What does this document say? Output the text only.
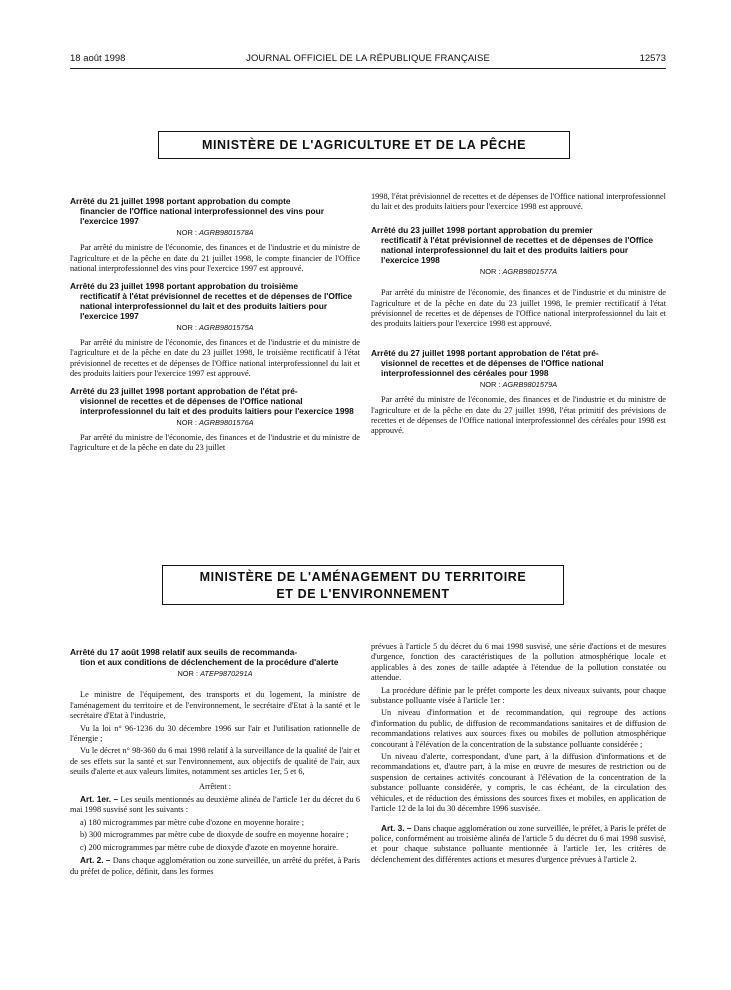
18 août 1998	JOURNAL OFFICIEL DE LA RÉPUBLIQUE FRANÇAISE	12573
MINISTÈRE DE L'AGRICULTURE ET DE LA PÊCHE

Arrêté du 21 juillet 1998 portant approbation du compte
financier de l'Office national interprofessionnel des vins pour l'exercice 1997

NOR : AGRB9801578A

Par arrêté du ministre de l'économie, des finances et de l'industrie et du ministre de l'agriculture et de la pêche en date du 21 juillet 1998, le compte financier de l'Office national interprofessionnel des vins pour l'exercice 1997 est approuvé.

Arrêté du 23 juillet 1998 portant approbation du troisième
rectificatif à l'état prévisionnel de recettes et de dépenses de l'Office national interprofessionnel du lait et des produits laitiers pour l'exercice 1997

NOR : AGRB9801575A

Par arrêté du ministre de l'économie, des finances et de l'industrie et du ministre de l'agriculture et de la pêche en date du 23 juillet 1998, le troisième rectificatif à l'état prévisionnel de recettes et de dépenses de l'Office national interprofessionnel du lait et des produits laitiers pour l'exercice 1997 est approuvé.

Arrêté du 23 juillet 1998 portant approbation de l'état pré-
visionnel de recettes et de dépenses de l'Office national interprofessionnel du lait et des produits laitiers pour l'exercice 1998

NOR : AGRB9801576A

Par arrêté du ministre de l'économie, des finances et de l'industrie et du ministre de l'agriculture et de la pêche en date du 23 juillet

1998, l'état prévisionnel de recettes et de dépenses de l'Office national interprofessionnel du lait et des produits laitiers pour l'exercice 1998 est approuvé.

Arrêté du 23 juillet 1998 portant approbation du premier
rectificatif à l'état prévisionnel de recettes et de dépenses de l'Office national interprofessionnel du lait et des produits laitiers pour l'exercice 1998

NOR : AGRB9801577A

Par arrêté du ministre de l'économie, des finances et de l'industrie et du ministre de l'agriculture et de la pêche en date du 23 juillet 1998, le premier rectificatif à l'état prévisionnel de recettes et de dépenses de l'Office national interprofessionnel du lait et des produits laitiers pour l'exercice 1998 est approuvé.

Arrêté du 27 juillet 1998 portant approbation de l'état pré-
visionnel de recettes et de dépenses de l'Office national interprofessionnel des céréales pour 1998

NOR : AGRB9801579A

Par arrêté du ministre de l'économie, des finances et de l'industrie et du ministre de l'agriculture et de la pêche en date du 27 juillet 1998, l'état primitif des prévisions de recettes et de dépenses de l'Office national interprofessionnel des céréales pour 1998 est approuvé.

MINISTÈRE DE L'AMÉNAGEMENT DU TERRITOIRE
ET DE L'ENVIRONNEMENT

Arrêté du 17 août 1998 relatif aux seuils de recommanda-
tion et aux conditions de déclenchement de la procédure d'alerte

NOR : ATEP9870291A

Le ministre de l'équipement, des transports et du logement, la ministre de l'aménagement du territoire et de l'environnement, le secrétaire d'Etat à la santé et le secrétaire d'Etat à l'industrie,

Vu la loi n° 96-1236 du 30 décembre 1996 sur l'air et l'utilisation rationnelle de l'énergie ;

Vu le décret n° 98-360 du 6 mai 1998 relatif à la surveillance de la qualité de l'air et de ses effets sur la santé et sur l'environnement, aux objectifs de qualité de l'air, aux seuils d'alerte et aux valeurs limites, notamment ses articles 1er, 5 et 6,

Arrêtent :

Art. 1er. – Les seuils mentionnés au deuxième alinéa de l'article 1er du décret du 6 mai 1998 susvisé sont les suivants :

a) 180 microgrammes par mètre cube d'ozone en moyenne horaire ;

b) 300 microgrammes par mètre cube de dioxyde de soufre en moyenne horaire ;

c) 200 microgrammes par mètre cube de dioxyde d'azote en moyenne horaire.

Art. 2. – Dans chaque agglomération ou zone surveillée, un arrêté du préfet, à Paris du préfet de police, définit, dans les formes

prévues à l'article 5 du décret du 6 mai 1998 susvisé, une série d'actions et de mesures d'urgence, fonction des caractéristiques de la pollution atmosphérique locale et applicables à des zones de taille adaptée à l'étendue de la pollution constatée ou attendue.

La procédure définie par le préfet comporte les deux niveaux suivants, pour chaque substance polluante visée à l'article 1er :

Un niveau d'information et de recommandation, qui regroupe des actions d'information du public, de diffusion de recommandations sanitaires et de diffusion de recommandations relatives aux sources fixes ou mobiles de pollution atmosphérique concourant à l'élévation de la concentration de la substance polluante considérée ;

Un niveau d'alerte, correspondant, d'une part, à la diffusion d'informations et de recommandations et, d'autre part, à la mise en œuvre de mesures de restriction ou de suspension de certaines activités concourant à l'élévation de la concentration de la substance polluante considérée, y compris, le cas échéant, de la circulation des véhicules, et de réduction des émissions des sources fixes et mobiles, en application de l'article 12 de la loi du 30 décembre 1996 susvisée.

Art. 3. – Dans chaque agglomération ou zone surveillée, le préfet, à Paris le préfet de police, conformément au troisième alinéa de l'article 5 du décret du 6 mai 1998 susvisé, et pour chaque substance polluante mentionnée à l'article 1er, les critères de déclenchement des différentes actions et mesures d'urgence prévues à l'article 2.
